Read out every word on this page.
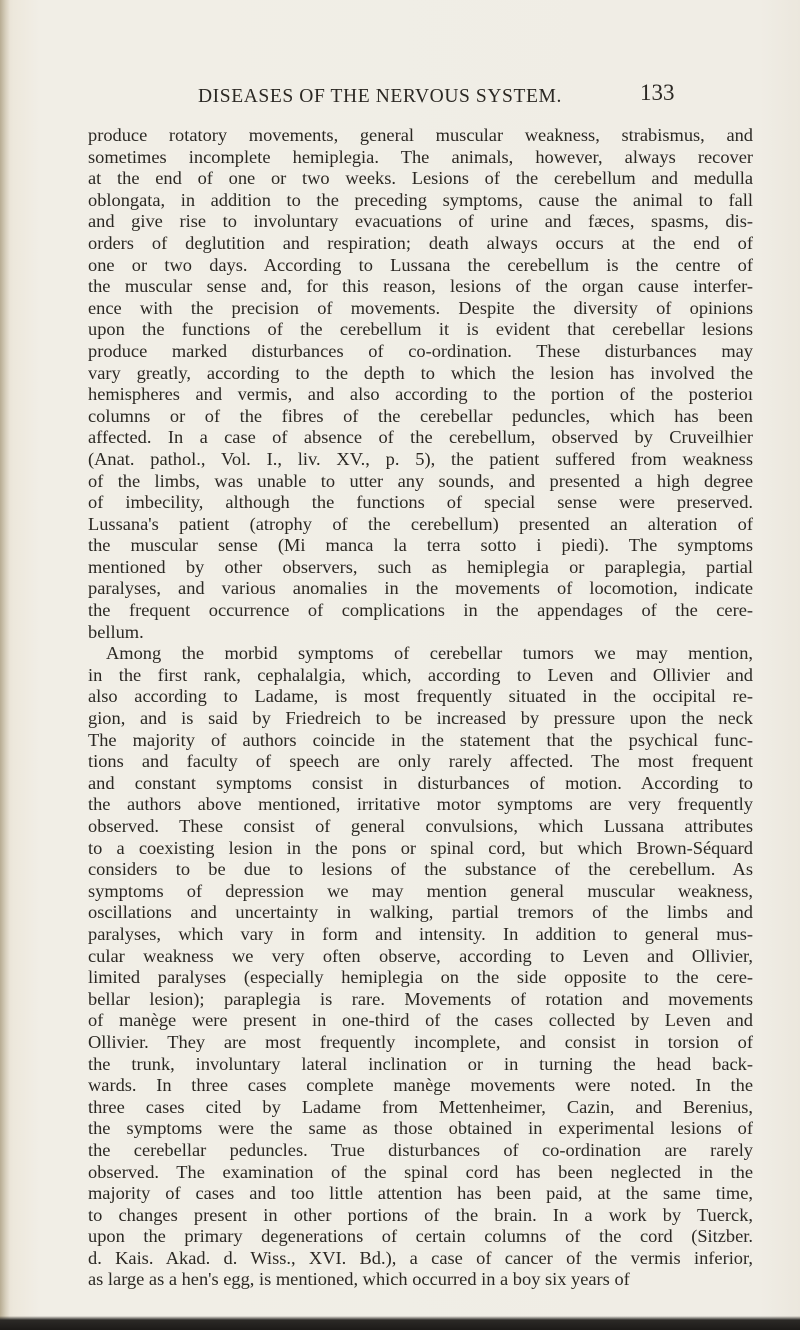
DISEASES OF THE NERVOUS SYSTEM.	133
produce rotatory movements, general muscular weakness, strabismus, and
sometimes incomplete hemiplegia. The animals, however, always recover
at the end of one or two weeks. Lesions of the cerebellum and medulla
oblongata, in addition to the preceding symptoms, cause the animal to fall
and give rise to involuntary evacuations of urine and fæces, spasms, dis-
orders of deglutition and respiration; death always occurs at the end of
one or two days. According to Lussana the cerebellum is the centre of
the muscular sense and, for this reason, lesions of the organ cause interfer-
ence with the precision of movements. Despite the diversity of opinions
upon the functions of the cerebellum it is evident that cerebellar lesions
produce marked disturbances of co-ordination. These disturbances may
vary greatly, according to the depth to which the lesion has involved the
hemispheres and vermis, and also according to the portion of the posterioı
columns or of the fibres of the cerebellar peduncles, which has been
affected. In a case of absence of the cerebellum, observed by Cruveilhier
(Anat. pathol., Vol. I., liv. XV., p. 5), the patient suffered from weakness
of the limbs, was unable to utter any sounds, and presented a high degree
of imbecility, although the functions of special sense were preserved.
Lussana's patient (atrophy of the cerebellum) presented an alteration of
the muscular sense (Mi manca la terra sotto i piedi). The symptoms
mentioned by other observers, such as hemiplegia or paraplegia, partial
paralyses, and various anomalies in the movements of locomotion, indicate
the frequent occurrence of complications in the appendages of the cere-
bellum.
Among the morbid symptoms of cerebellar tumors we may mention,
in the first rank, cephalalgia, which, according to Leven and Ollivier and
also according to Ladame, is most frequently situated in the occipital re-
gion, and is said by Friedreich to be increased by pressure upon the neck
The majority of authors coincide in the statement that the psychical func-
tions and faculty of speech are only rarely affected. The most frequent
and constant symptoms consist in disturbances of motion. According to
the authors above mentioned, irritative motor symptoms are very frequently
observed. These consist of general convulsions, which Lussana attributes
to a coexisting lesion in the pons or spinal cord, but which Brown-Séquard
considers to be due to lesions of the substance of the cerebellum. As
symptoms of depression we may mention general muscular weakness,
oscillations and uncertainty in walking, partial tremors of the limbs and
paralyses, which vary in form and intensity. In addition to general mus-
cular weakness we very often observe, according to Leven and Ollivier,
limited paralyses (especially hemiplegia on the side opposite to the cere-
bellar lesion); paraplegia is rare. Movements of rotation and movements
of manège were present in one-third of the cases collected by Leven and
Ollivier. They are most frequently incomplete, and consist in torsion of
the trunk, involuntary lateral inclination or in turning the head back-
wards. In three cases complete manège movements were noted. In the
three cases cited by Ladame from Mettenheimer, Cazin, and Berenius,
the symptoms were the same as those obtained in experimental lesions of
the cerebellar peduncles. True disturbances of co-ordination are rarely
observed. The examination of the spinal cord has been neglected in the
majority of cases and too little attention has been paid, at the same time,
to changes present in other portions of the brain. In a work by Tuerck,
upon the primary degenerations of certain columns of the cord (Sitzber.
d. Kais. Akad. d. Wiss., XVI. Bd.), a case of cancer of the vermis inferior,
as large as a hen's egg, is mentioned, which occurred in a boy six years of
